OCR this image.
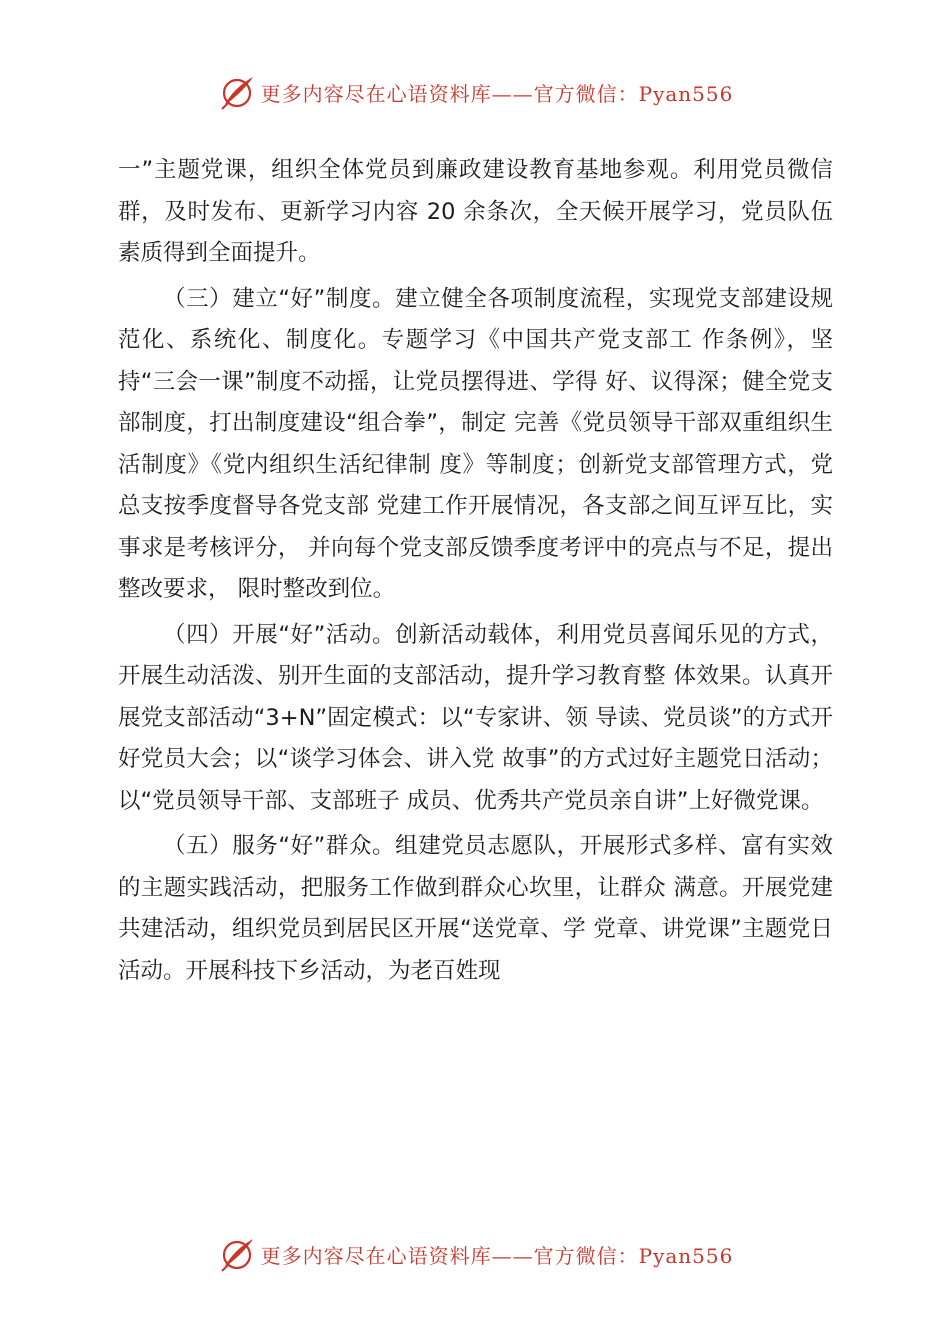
更多内容尽在心语资料库——官方微信：Pyan556

一”主题党课，组织全体党员到廉政建设教育基地参观。利用党员微信群，及时发布、更新学习内容 20 余条次，全天候开展学习，党员队伍素质得到全面提升。

（三）建立“好”制度。建立健全各项制度流程，实现党支部建设规范化、系统化、制度化。专题学习《中国共产党支部工 作条例》，坚持“三会一课”制度不动摇，让党员摆得进、学得 好、议得深；健全党支部制度，打出制度建设“组合拳”，制定 完善《党员领导干部双重组织生活制度》《党内组织生活纪律制 度》等制度；创新党支部管理方式，党总支按季度督导各党支部 党建工作开展情况，各支部之间互评互比，实事求是考核评分， 并向每个党支部反馈季度考评中的亮点与不足，提出整改要求， 限时整改到位。

（四）开展“好”活动。创新活动载体，利用党员喜闻乐见的方式，开展生动活泼、别开生面的支部活动，提升学习教育整 体效果。认真开展党支部活动“3+N”固定模式：以“专家讲、领 导读、党员谈”的方式开好党员大会；以“谈学习体会、讲入党 故事”的方式过好主题党日活动；以“党员领导干部、支部班子 成员、优秀共产党员亲自讲”上好微党课。

（五）服务“好”群众。组建党员志愿队，开展形式多样、富有实效的主题实践活动，把服务工作做到群众心坎里，让群众 满意。开展党建共建活动，组织党员到居民区开展“送党章、学 党章、讲党课”主题党日活动。开展科技下乡活动，为老百姓现

更多内容尽在心语资料库——官方微信：Pyan556
